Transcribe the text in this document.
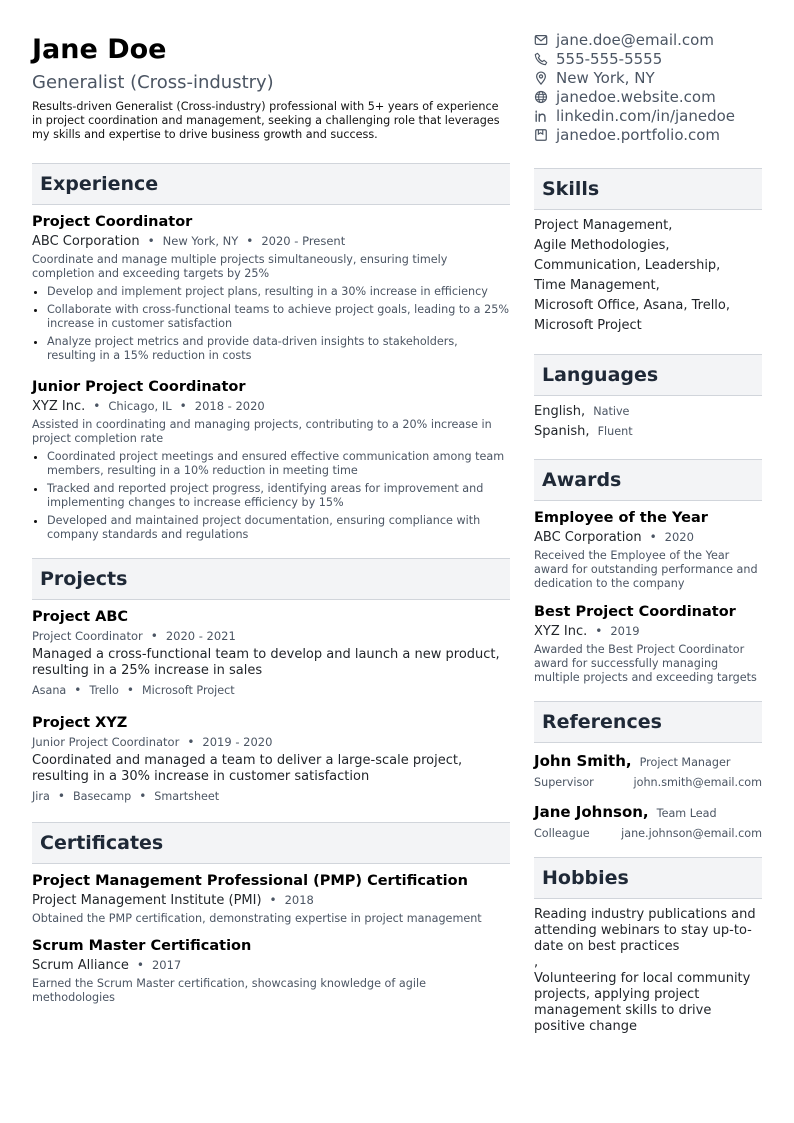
Jane Doe
Generalist (Cross-industry)
Results-driven Generalist (Cross-industry) professional with 5+ years of experience in project coordination and management, seeking a challenging role that leverages my skills and expertise to drive business growth and success.
Experience
Project Coordinator
ABC Corporation • New York, NY • 2020 - Present
Coordinate and manage multiple projects simultaneously, ensuring timely completion and exceeding targets by 25%
• Develop and implement project plans, resulting in a 30% increase in efficiency
• Collaborate with cross-functional teams to achieve project goals, leading to a 25% increase in customer satisfaction
• Analyze project metrics and provide data-driven insights to stakeholders, resulting in a 15% reduction in costs
Junior Project Coordinator
XYZ Inc. • Chicago, IL • 2018 - 2020
Assisted in coordinating and managing projects, contributing to a 20% increase in project completion rate
• Coordinated project meetings and ensured effective communication among team members, resulting in a 10% reduction in meeting time
• Tracked and reported project progress, identifying areas for improvement and implementing changes to increase efficiency by 15%
• Developed and maintained project documentation, ensuring compliance with company standards and regulations
Projects
Project ABC
Project Coordinator • 2020 - 2021
Managed a cross-functional team to develop and launch a new product, resulting in a 25% increase in sales
Asana • Trello • Microsoft Project
Project XYZ
Junior Project Coordinator • 2019 - 2020
Coordinated and managed a team to deliver a large-scale project, resulting in a 30% increase in customer satisfaction
Jira • Basecamp • Smartsheet
Certificates
Project Management Professional (PMP) Certification
Project Management Institute (PMI) • 2018
Obtained the PMP certification, demonstrating expertise in project management
Scrum Master Certification
Scrum Alliance • 2017
Earned the Scrum Master certification, showcasing knowledge of agile methodologies
jane.doe@email.com
555-555-5555
New York, NY
janedoe.website.com
linkedin.com/in/janedoe
janedoe.portfolio.com
Skills
Project Management,
Agile Methodologies,
Communication, Leadership,
Time Management,
Microsoft Office, Asana, Trello,
Microsoft Project
Languages
English, Native
Spanish, Fluent
Awards
Employee of the Year
ABC Corporation • 2020
Received the Employee of the Year award for outstanding performance and dedication to the company
Best Project Coordinator
XYZ Inc. • 2019
Awarded the Best Project Coordinator award for successfully managing multiple projects and exceeding targets
References
John Smith, Project Manager
Supervisor	john.smith@email.com
Jane Johnson, Team Lead
Colleague	jane.johnson@email.com
Hobbies
Reading industry publications and attending webinars to stay up-to-date on best practices
,
Volunteering for local community projects, applying project management skills to drive positive change
